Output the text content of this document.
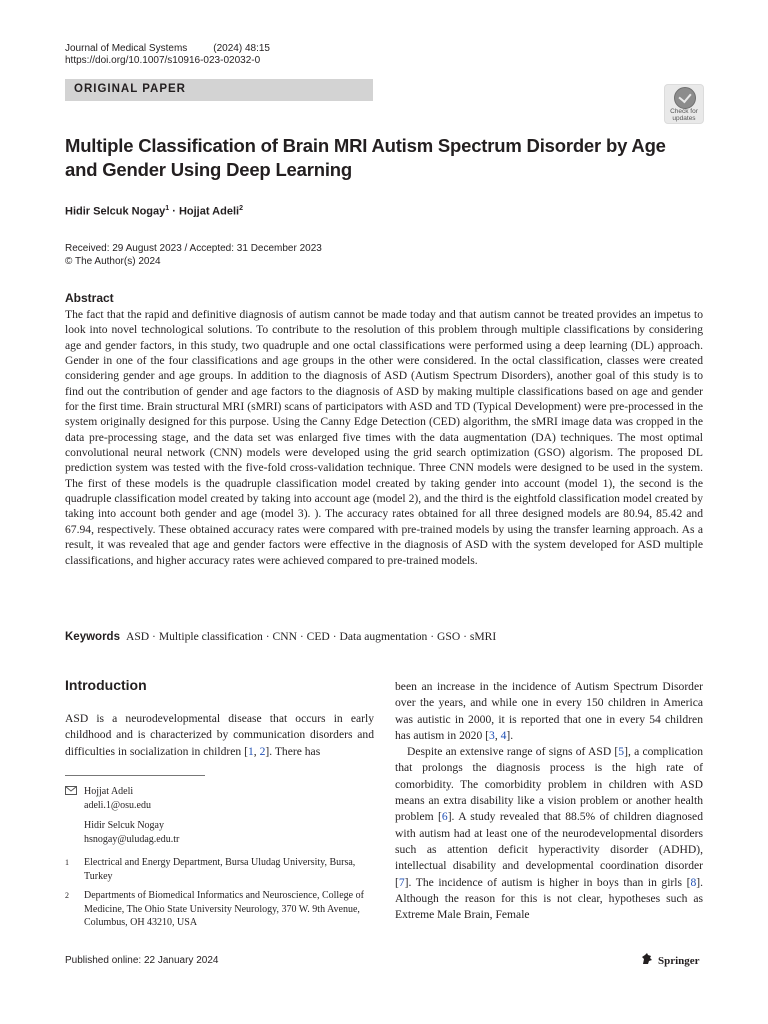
Journal of Medical Systems	(2024) 48:15
https://doi.org/10.1007/s10916-023-02032-0
ORIGINAL PAPER
Check for updates
Multiple Classification of Brain MRI Autism Spectrum Disorder by Age and Gender Using Deep Learning
Hidir Selcuk Nogay$^1$ · Hojjat Adeli$^2$
Received: 29 August 2023 / Accepted: 31 December 2023
© The Author(s) 2024
Abstract
The fact that the rapid and definitive diagnosis of autism cannot be made today and that autism cannot be treated provides an impetus to look into novel technological solutions. To contribute to the resolution of this problem through multiple classifications by considering age and gender factors, in this study, two quadruple and one octal classifications were performed using a deep learning (DL) approach. Gender in one of the four classifications and age groups in the other were considered. In the octal classification, classes were created considering gender and age groups. In addition to the diagnosis of ASD (Autism Spectrum Disorders), another goal of this study is to find out the contribution of gender and age factors to the diagnosis of ASD by making multiple classifications based on age and gender for the first time. Brain structural MRI (sMRI) scans of participators with ASD and TD (Typical Development) were pre-processed in the system originally designed for this purpose. Using the Canny Edge Detection (CED) algorithm, the sMRI image data was cropped in the data pre-processing stage, and the data set was enlarged five times with the data augmentation (DA) techniques. The most optimal convolutional neural network (CNN) models were developed using the grid search optimization (GSO) algorism. The proposed DL prediction system was tested with the five-fold cross-validation technique. Three CNN models were designed to be used in the system. The first of these models is the quadruple classification model created by taking gender into account (model 1), the second is the quadruple classification model created by taking into account age (model 2), and the third is the eightfold classification model created by taking into account both gender and age (model 3). ). The accuracy rates obtained for all three designed models are 80.94, 85.42 and 67.94, respectively. These obtained accuracy rates were compared with pre-trained models by using the transfer learning approach. As a result, it was revealed that age and gender factors were effective in the diagnosis of ASD with the system developed for ASD multiple classifications, and higher accuracy rates were achieved compared to pre-trained models.
Keywords ASD · Multiple classification · CNN · CED · Data augmentation · GSO · sMRI
Introduction
ASD is a neurodevelopmental disease that occurs in early childhood and is characterized by communication disorders and difficulties in socialization in children [1, 2]. There has

been an increase in the incidence of Autism Spectrum Disorder over the years, and while one in every 150 children in America was autistic in 2000, it is reported that one in every 54 children has autism in 2020 [3, 4].

Despite an extensive range of signs of ASD [5], a complication that prolongs the diagnosis process is the high rate of comorbidity. The comorbidity problem in children with ASD means an extra disability like a vision problem or another health problem [6]. A study revealed that 88.5% of children diagnosed with autism had at least one of the neurodevelopmental disorders such as attention deficit hyperactivity disorder (ADHD), intellectual disability and developmental coordination disorder [7]. The incidence of autism is higher in boys than in girls [8]. Although the reason for this is not clear, hypotheses such as Extreme Male Brain, Female

Hojjat Adeli
adeli.1@osu.edu
Hidir Selcuk Nogay
hsnogay@uludag.edu.tr
1 Electrical and Energy Department, Bursa Uludag University, Bursa, Turkey
2 Departments of Biomedical Informatics and Neuroscience, College of Medicine, The Ohio State University Neurology, 370 W. 9th Avenue, Columbus, OH 43210, USA
Published online: 22 January 2024	Springer
